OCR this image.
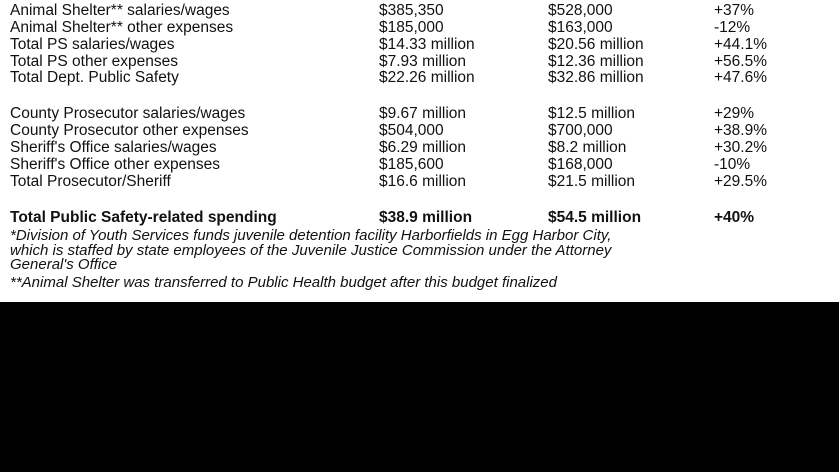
Animal Shelter** salaries/wages	$385,350	$528,000	+37%
Animal Shelter** other expenses	$185,000	$163,000	-12%
Total PS salaries/wages	$14.33 million	$20.56 million	+44.1%
Total PS other expenses	$7.93 million	$12.36 million	+56.5%
Total Dept. Public Safety	$22.26 million	$32.86 million	+47.6%
County Prosecutor salaries/wages	$9.67 million	$12.5 million	+29%
County Prosecutor other expenses	$504,000	$700,000	+38.9%
Sheriff's Office salaries/wages	$6.29 million	$8.2 million	+30.2%
Sheriff's Office other expenses	$185,600	$168,000	-10%
Total Prosecutor/Sheriff	$16.6 million	$21.5 million	+29.5%
Total Public Safety-related spending	$38.9 million	$54.5 million	+40%
*Division of Youth Services funds juvenile detention facility Harborfields in Egg Harbor City,
which is staffed by state employees of the Juvenile Justice Commission under the Attorney
General's Office
**Animal Shelter was transferred to Public Health budget after this budget finalized
